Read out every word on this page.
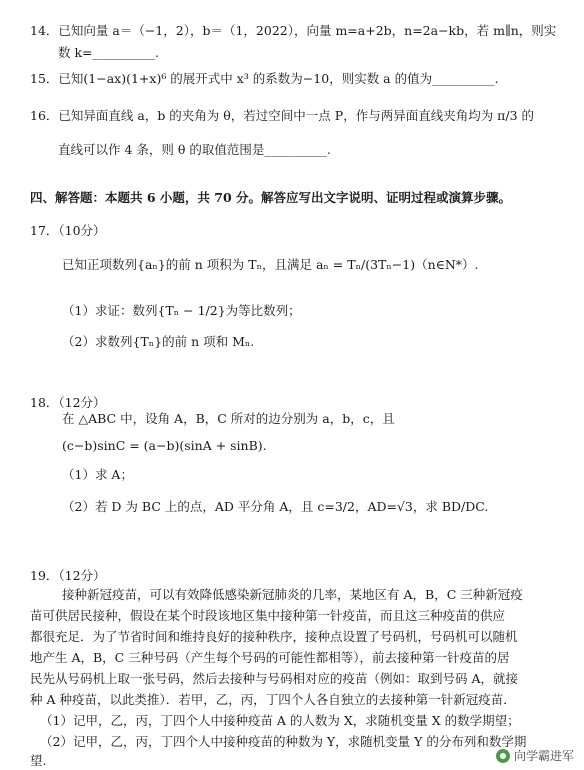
14．已知向量 a＝（−1，2），b＝（1，2022），向量 m=a+2b，n=2a−kb，若 m∥n，则实
数 k=__________.
15．已知(1−ax)(1+x)⁶ 的展开式中 x³ 的系数为−10，则实数 a 的值为__________.
16．已知异面直线 a，b 的夹角为 θ，若过空间中一点 P，作与两异面直线夹角均为 π/3 的
直线可以作 4 条，则 θ 的取值范围是__________.
四、解答题：本题共 6 小题，共 70 分。解答应写出文字说明、证明过程或演算步骤。
17．（10分）
已知正项数列{aₙ}的前 n 项积为 Tₙ，且满足 aₙ = Tₙ/(3Tₙ−1)（n∈N*）.
（1）求证：数列{Tₙ − 1/2}为等比数列；
（2）求数列{Tₙ}的前 n 项和 Mₙ.
18．（12分）
在 △ABC 中，设角 A，B，C 所对的边分别为 a，b，c，且
(c−b)sinC = (a−b)(sinA + sinB).
（1）求 A；
（2）若 D 为 BC 上的点，AD 平分角 A，且 c=3/2，AD=√3，求 BD/DC.
19．（12分）
接种新冠疫苗，可以有效降低感染新冠肺炎的几率，某地区有 A，B，C 三种新冠疫
苗可供居民接种，假设在某个时段该地区集中接种第一针疫苗，而且这三种疫苗的供应
都很充足．为了节省时间和维持良好的接种秩序，接种点设置了号码机，号码机可以随机
地产生 A，B，C 三种号码（产生每个号码的可能性都相等），前去接种第一针疫苗的居
民先从号码机上取一张号码，然后去接种与号码相对应的疫苗（例如：取到号码 A，就接
种 A 种疫苗，以此类推）．若甲，乙，丙，丁四个人各自独立的去接种第一针新冠疫苗．
（1）记甲，乙，丙，丁四个人中接种疫苗 A 的人数为 X，求随机变量 X 的数学期望；
（2）记甲，乙，丙，丁四个人中接种疫苗的种数为 Y，求随机变量 Y 的分布列和数学期
望.	向学霸进军
